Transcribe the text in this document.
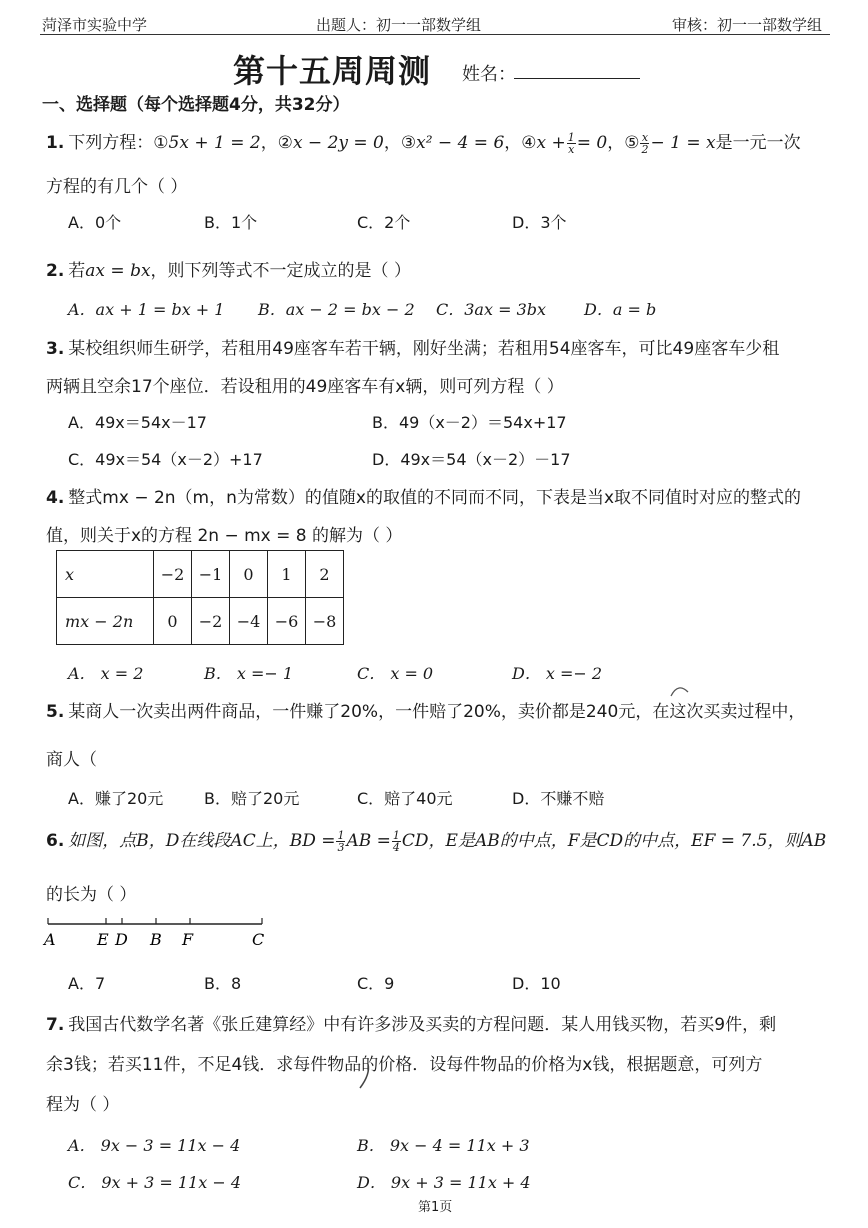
菏泽市实验中学	出题人：初一一部数学组	审核：初一一部数学组
第十五周周测 姓名：
一、选择题（每个选择题4分，共32分）
1. 下列方程：①5x + 1 = 2，②x − 2y = 0，③x² − 4 = 6，④x + $\frac{1}{x} = 0$，⑤ $\frac{x}{2} - 1 = x$是一元一次
方程的有几个（ ）
A．0个	B．1个	C．2个	D．3个
2. 若ax = bx，则下列等式不一定成立的是（ ）
A．ax + 1 = bx + 1 B．ax − 2 = bx − 2 C．3ax = 3bx D．a = b
3. 某校组织师生研学，若租用49座客车若干辆，刚好坐满；若租用54座客车，可比49座客车少租
两辆且空余17个座位．若设租用的49座客车有x辆，则可列方程（ ）
A．49x＝54x－17	B．49（x－2）＝54x+17
C．49x＝54（x－2）+17	D．49x＝54（x－2）－17
4. 整式mx − 2n（m，n为常数）的值随x的取值的不同而不同，下表是当x取不同值时对应的整式的
值，则关于x的方程 2n − mx = 8 的解为（ ）
x	−2	−1	0	1	2
mx − 2n	0	−2	−4	−6	−8
A． x = 2	B． x =− 1	C． x = 0	D． x =− 2
5. 某商人一次卖出两件商品，一件赚了20%，一件赔了20%，卖价都是240元，在这次买卖过程中，
商人（
A．赚了20元	B．赔了20元	C．赔了40元	D．不赚不赔
6. 如图，点B，D在线段AC上，BD = $\frac{1}{3}$ AB = $\frac{1}{4}$ CD，E是AB的中点，F是CD的中点，EF = 7.5，则AB
的长为（ ）
A	E D B F	C
A．7	B．8	C．9	D．10
7. 我国古代数学名著《张丘建算经》中有许多涉及买卖的方程问题．某人用钱买物，若买9件，剩
余3钱；若买11件，不足4钱．求每件物品的价格．设每件物品的价格为x钱，根据题意，可列方
程为（ ）
A． 9x − 3 = 11x − 4	B． 9x − 4 = 11x + 3
C． 9x + 3 = 11x − 4	D． 9x + 3 = 11x + 4
第1页
